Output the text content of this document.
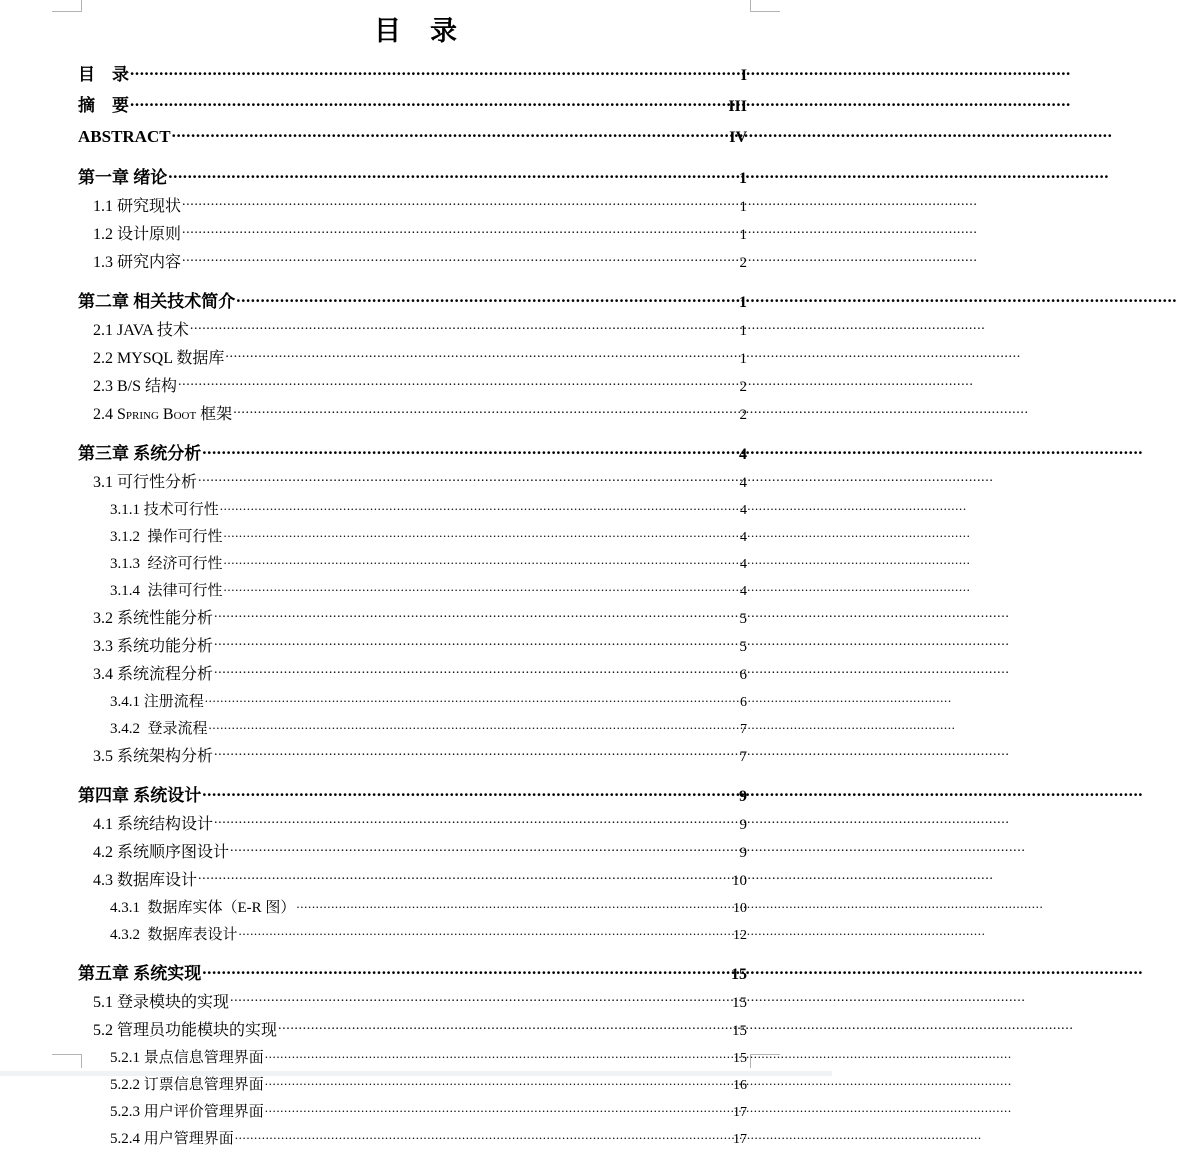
目　录
目　录 .....	I
摘　要 .....	III
ABSTRACT .....	IV
第一章 绪论 .....	1
1.1 研究现状 .....	1
1.2 设计原则 .....	1
1.3 研究内容 .....	2
第二章 相关技术简介 .....	1
2.1 JAVA 技术 .....	1
2.2 MYSQL 数据库 .....	1
2.3 B/S 结构 .....	2
2.4 Spring Boot 框架 .....	2
第三章 系统分析 .....	4
3.1 可行性分析 .....	4
3.1.1 技术可行性 .....	4
3.1.2  操作可行性 .....	4
3.1.3  经济可行性 .....	4
3.1.4  法律可行性 .....	4
3.2 系统性能分析 .....	5
3.3 系统功能分析 .....	5
3.4 系统流程分析 .....	6
3.4.1 注册流程 .....	6
3.4.2  登录流程 .....	7
3.5 系统架构分析 .....	7
第四章 系统设计 .....	9
4.1 系统结构设计 .....	9
4.2 系统顺序图设计 .....	9
4.3 数据库设计 .....	10
4.3.1  数据库实体（E-R 图） .....	10
4.3.2  数据库表设计 .....	12
第五章 系统实现 .....	15
5.1 登录模块的实现 .....	15
5.2 管理员功能模块的实现 .....	15
5.2.1 景点信息管理界面 .....	15
5.2.2 订票信息管理界面 .....	16
5.2.3 用户评价管理界面 .....	17
5.2.4 用户管理界面 .....	17
